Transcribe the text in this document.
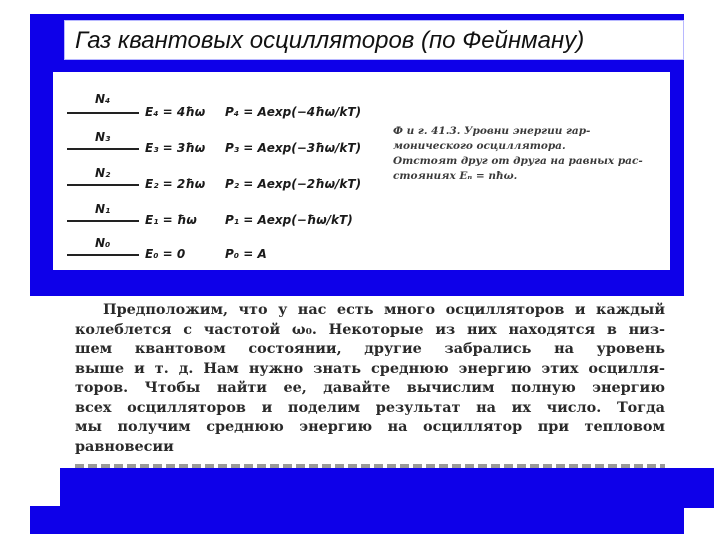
Газ квантовых осцилляторов (по Фейнману)
N₄
E₄ = 4ħω P₄ = Aexp(−4ħω/kT)
N₃
E₃ = 3ħω P₃ = Aexp(−3ħω/kT)
N₂
E₂ = 2ħω P₂ = Aexp(−2ħω/kT)
N₁
E₁ = ħω P₁ = Aexp(−ħω/kT)
N₀
E₀ = 0	P₀ = A
Ф и г. 41.3. Уровни энергии гар-
монического осциллятора.
Отстоят друг от друга на равных рас-
стояниях Eₙ = nħω.
Предположим, что у нас есть много осцилляторов и каждый
колеблется с частотой ω₀. Некоторые из них находятся в низ-
шем квантовом состоянии, другие забрались на уровень
выше и т. д. Нам нужно знать среднюю энергию этих осцилля-
торов. Чтобы найти ее, давайте вычислим полную энергию
всех осцилляторов и поделим результат на их число. Тогда
мы получим среднюю энергию на осциллятор при тепловом
равновесии
